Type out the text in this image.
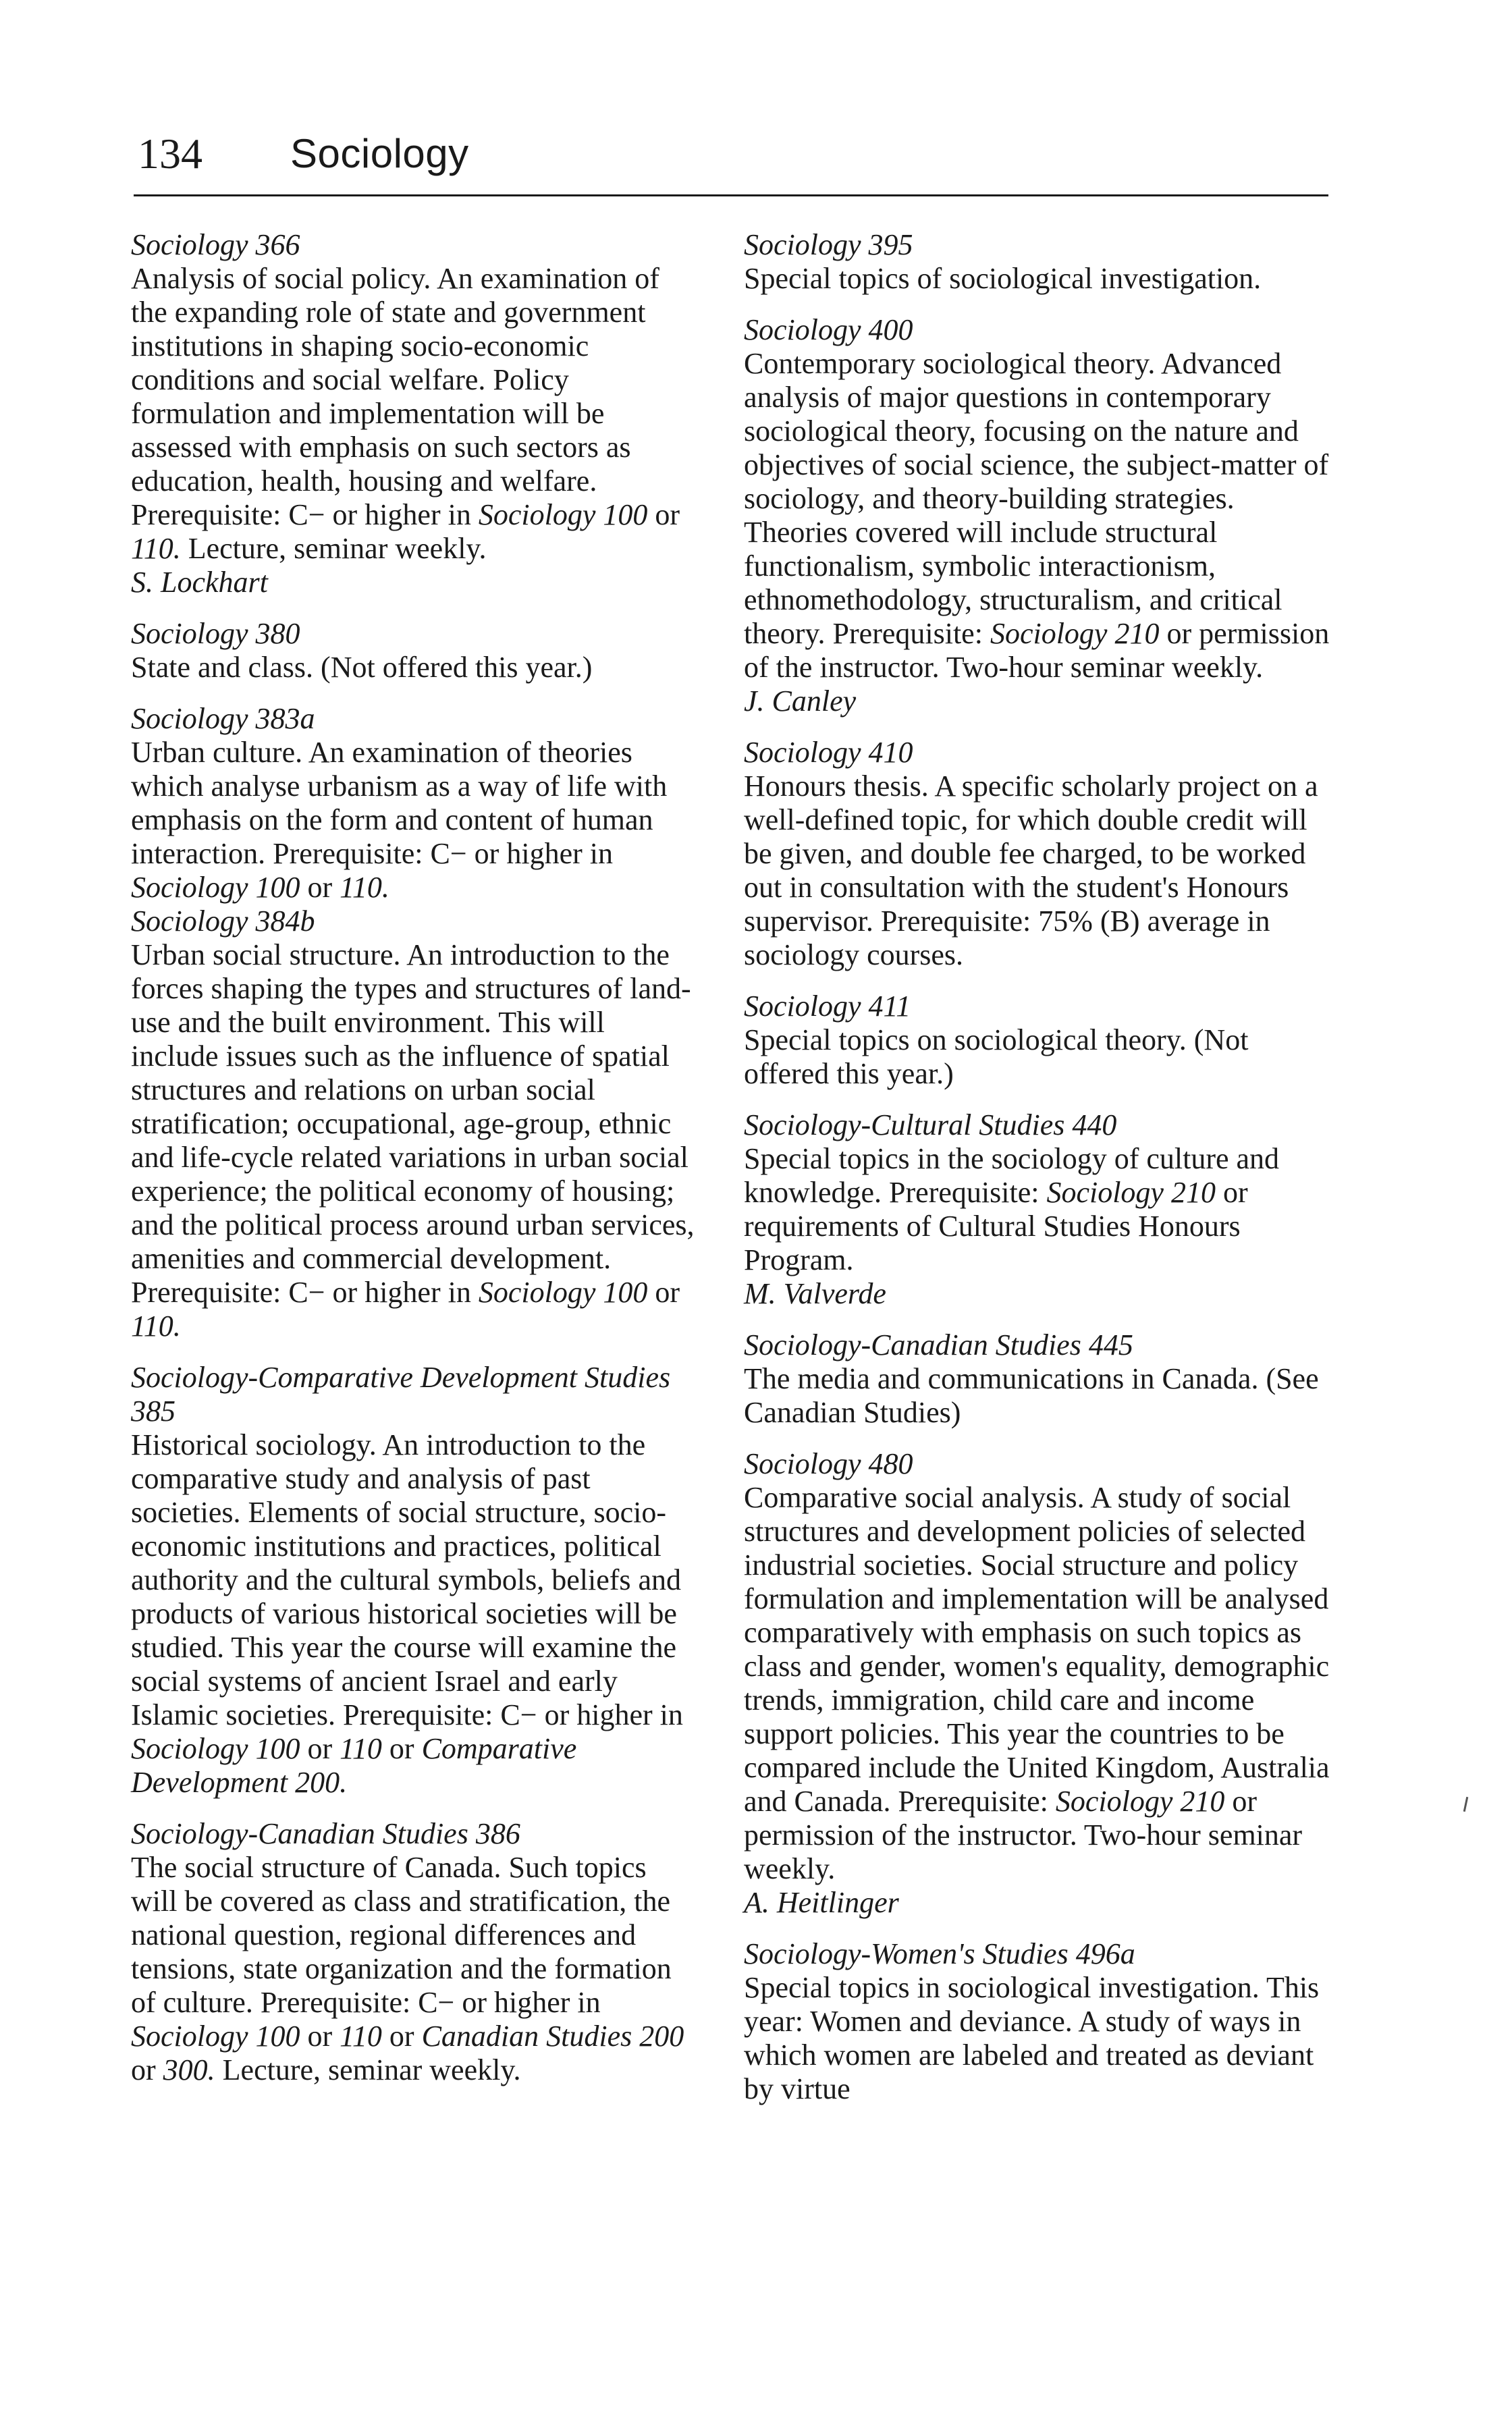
134 Sociology
Sociology 366
Analysis of social policy. An examination of the expanding role of state and government institutions in shaping socio-economic conditions and social welfare. Policy formulation and implementation will be assessed with emphasis on such sectors as education, health, housing and welfare. Prerequisite: C− or higher in Sociology 100 or 110. Lecture, seminar weekly.
S. Lockhart
Sociology 380
State and class. (Not offered this year.)
Sociology 383a
Urban culture. An examination of theories which analyse urbanism as a way of life with emphasis on the form and content of human interaction. Prerequisite: C− or higher in Sociology 100 or 110.
Sociology 384b
Urban social structure. An introduction to the forces shaping the types and structures of land-use and the built environment. This will include issues such as the influence of spatial structures and relations on urban social stratification; occupational, age-group, ethnic and life-cycle related variations in urban social experience; the political economy of housing; and the political process around urban services, amenities and commercial development. Prerequisite: C− or higher in Sociology 100 or 110.
Sociology-Comparative Development Studies 385
Historical sociology. An introduction to the comparative study and analysis of past societies. Elements of social structure, socio-economic institutions and practices, political authority and the cultural symbols, beliefs and products of various historical societies will be studied. This year the course will examine the social systems of ancient Israel and early Islamic societies. Prerequisite: C− or higher in Sociology 100 or 110 or Comparative Development 200.
Sociology-Canadian Studies 386
The social structure of Canada. Such topics will be covered as class and stratification, the national question, regional differences and tensions, state organization and the formation of culture. Prerequisite: C− or higher in Sociology 100 or 110 or Canadian Studies 200 or 300. Lecture, seminar weekly.
Sociology 395
Special topics of sociological investigation.
Sociology 400
Contemporary sociological theory. Advanced analysis of major questions in contemporary sociological theory, focusing on the nature and objectives of social science, the subject-matter of sociology, and theory-building strategies. Theories covered will include structural functionalism, symbolic interactionism, ethnomethodology, structuralism, and critical theory. Prerequisite: Sociology 210 or permission of the instructor. Two-hour seminar weekly.
J. Canley
Sociology 410
Honours thesis. A specific scholarly project on a well-defined topic, for which double credit will be given, and double fee charged, to be worked out in consultation with the student's Honours supervisor. Prerequisite: 75% (B) average in sociology courses.
Sociology 411
Special topics on sociological theory. (Not offered this year.)
Sociology-Cultural Studies 440
Special topics in the sociology of culture and knowledge. Prerequisite: Sociology 210 or requirements of Cultural Studies Honours Program.
M. Valverde
Sociology-Canadian Studies 445
The media and communications in Canada. (See Canadian Studies)
Sociology 480
Comparative social analysis. A study of social structures and development policies of selected industrial societies. Social structure and policy formulation and implementation will be analysed comparatively with emphasis on such topics as class and gender, women's equality, demographic trends, immigration, child care and income support policies. This year the countries to be compared include the United Kingdom, Australia and Canada. Prerequisite: Sociology 210 or permission of the instructor. Two-hour seminar weekly.
A. Heitlinger
Sociology-Women's Studies 496a
Special topics in sociological investigation. This year: Women and deviance. A study of ways in which women are labeled and treated as deviant by virtue
